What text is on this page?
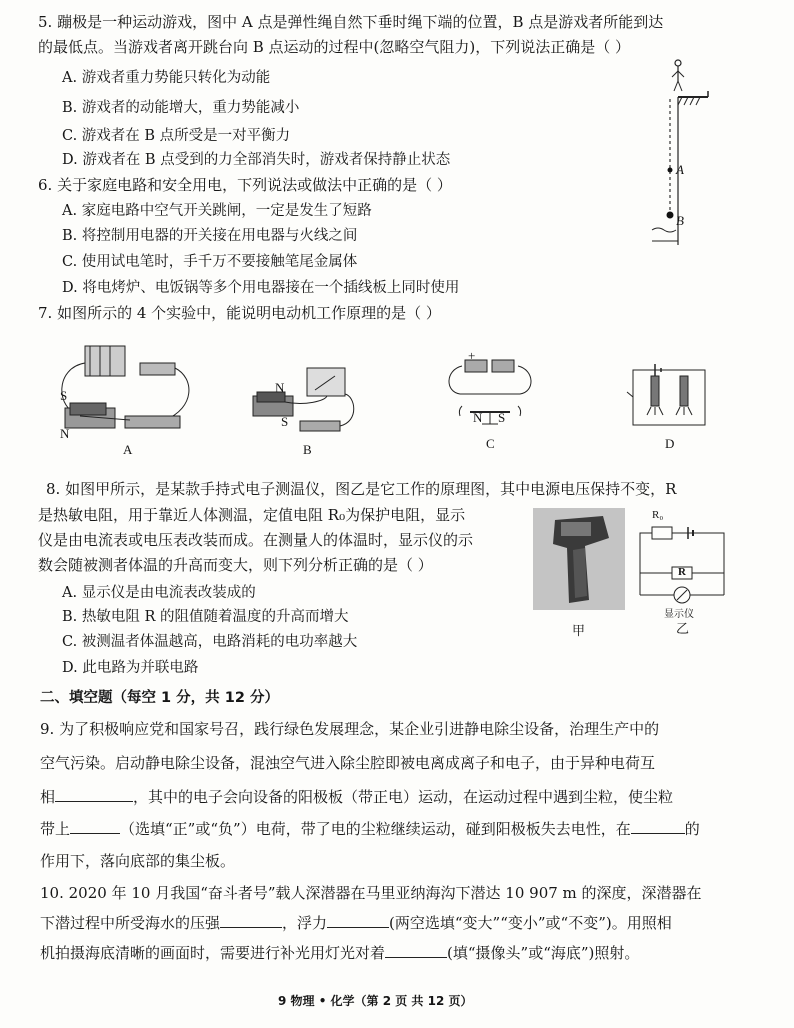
5. 蹦极是一种运动游戏，图中 A 点是弹性绳自然下垂时绳下端的位置，B 点是游戏者所能到达
的最低点。当游戏者离开跳台向 B 点运动的过程中(忽略空气阻力)，下列说法正确是（ ）
A. 游戏者重力势能只转化为动能
B. 游戏者的动能增大，重力势能减小
C. 游戏者在 B 点所受是一对平衡力
D. 游戏者在 B 点受到的力全部消失时，游戏者保持静止状态
A
B
6. 关于家庭电路和安全用电，下列说法或做法中正确的是（ ）
A. 家庭电路中空气开关跳闸，一定是发生了短路
B. 将控制用电器的开关接在用电器与火线之间
C. 使用试电笔时，手千万不要接触笔尾金属体
D. 将电烤炉、电饭锅等多个用电器接在一个插线板上同时使用
7. 如图所示的 4 个实验中，能说明电动机工作原理的是（ ）
S
N
A
N
S
B
+
N S
C	D
8. 如图甲所示，是某款手持式电子测温仪，图乙是它工作的原理图，其中电源电压保持不变，R
是热敏电阻，用于靠近人体测温，定值电阻 R₀为保护电阻，显示
仪是由电流表或电压表改装而成。在测量人的体温时，显示仪的示
数会随被测者体温的升高而变大，则下列分析正确的是（ ）
A. 显示仪是由电流表改装成的
B. 热敏电阻 R 的阻值随着温度的升高而增大
C. 被测温者体温越高，电路消耗的电功率越大
D. 此电路为并联电路
甲
R₀
R
显示仪
乙
二、填空题（每空 1 分，共 12 分）
9. 为了积极响应党和国家号召，践行绿色发展理念，某企业引进静电除尘设备，治理生产中的
空气污染。启动静电除尘设备，混浊空气进入除尘腔即被电离成离子和电子，由于异种电荷互
相	，其中的电子会向设备的阳极板（带正电）运动，在运动过程中遇到尘粒，使尘粒
带上	（选填“正”或“负”）电荷，带了电的尘粒继续运动，碰到阳极板失去电性，在	的
作用下，落向底部的集尘板。
10. 2020 年 10 月我国“奋斗者号”载人深潜器在马里亚纳海沟下潜达 10 907 m 的深度，深潜器在
下潜过程中所受海水的压强	，浮力	(两空选填“变大”“变小”或“不变”)。用照相
机拍摄海底清晰的画面时，需要进行补光用灯光对着	(填“摄像头”或“海底”)照射。
9 物理 • 化学（第 2 页 共 12 页）
